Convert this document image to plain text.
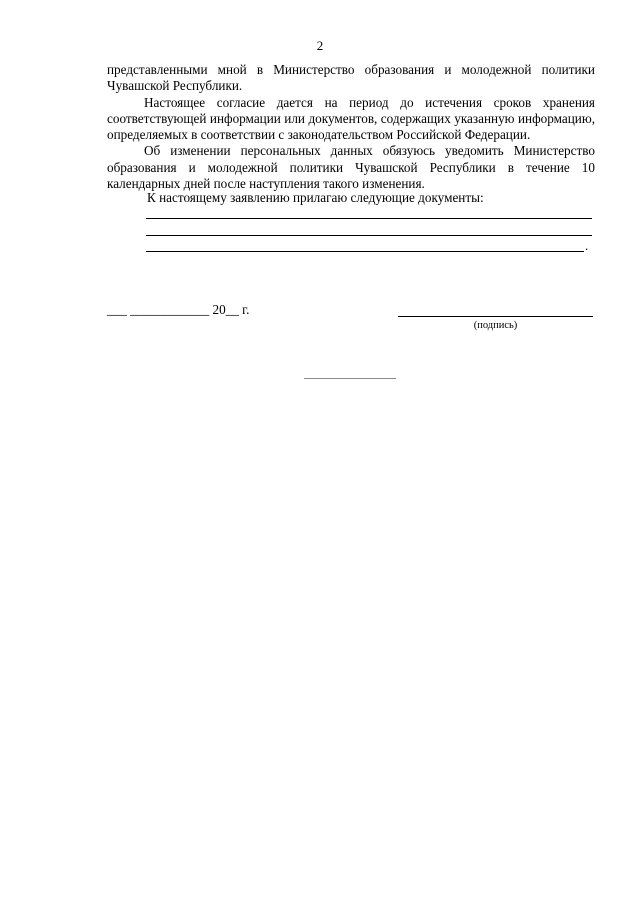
2

представленными мной в Министерство образования и молодежной политики Чувашской Республики.

Настоящее согласие дается на период до истечения сроков хранения соответствующей информации или документов, содержащих указанную информацию, определяемых в соответствии с законодательством Российской Федерации.

Об изменении персональных данных обязуюсь уведомить Министерство образования и молодежной политики Чувашской Республики в течение 10 календарных дней после наступления такого изменения.

К настоящему заявлению прилагаю следующие документы:
.
___ ____________ 20__ г.
(подпись)
